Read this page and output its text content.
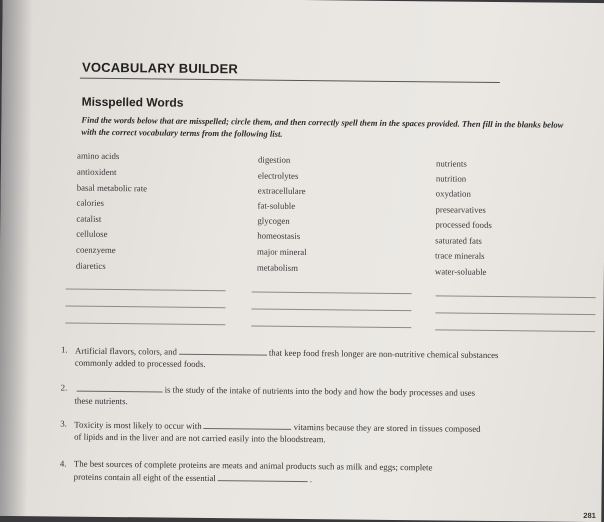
VOCABULARY BUILDER
Misspelled Words
Find the words below that are misspelled; circle them, and then correctly spell them in the spaces provided. Then fill in the blanks below with the correct vocabulary terms from the following list.
amino acids
antioxident
basal metabolic rate
calories
catalist
cellulose
coenzyeme
diaretics
digestion
electrolytes
extracellulare
fat-soluble
glycogen
homeostasis
major mineral
metabolism
nutrients
nutrition
oxydation
presearvatives
processed foods
saturated fats
trace minerals
water-soluable
1. Artificial flavors, colors, and	that keep food fresh longer are non-nutritive chemical substances
commonly added to processed foods.
2.	is the study of the intake of nutrients into the body and how the body processes and uses
these nutrients.
3. Toxicity is most likely to occur with	vitamins because they are stored in tissues composed
of lipids and in the liver and are not carried easily into the bloodstream.
4. The best sources of complete proteins are meats and animal products such as milk and eggs; complete
proteins contain all eight of the essential	.
281
